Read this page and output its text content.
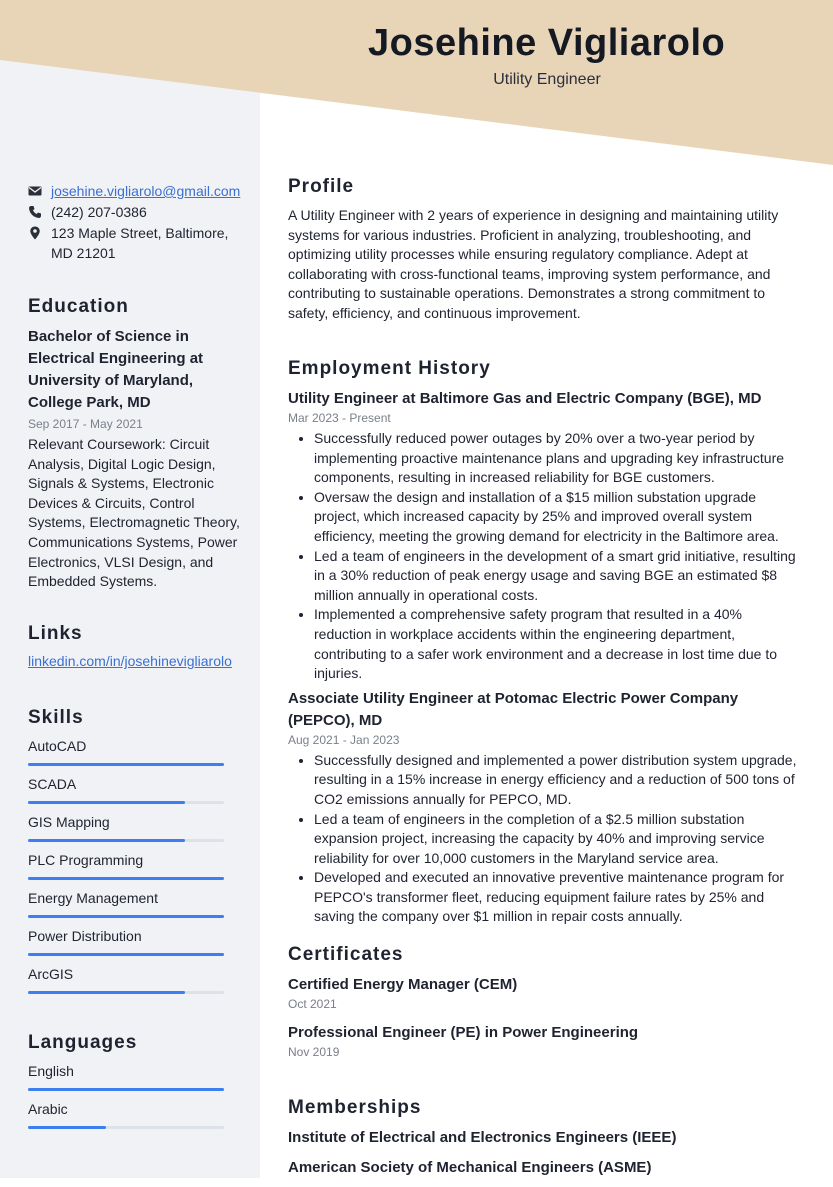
Josehine Vigliarolo
Utility Engineer
josehine.vigliarolo@gmail.com
(242) 207-0386
123 Maple Street, Baltimore, MD 21201
Education
Bachelor of Science in Electrical Engineering at University of Maryland, College Park, MD
Sep 2017 - May 2021
Relevant Coursework: Circuit Analysis, Digital Logic Design, Signals & Systems, Electronic Devices & Circuits, Control Systems, Electromagnetic Theory, Communications Systems, Power Electronics, VLSI Design, and Embedded Systems.
Links
linkedin.com/in/josehinevigliarolo
Skills
AutoCAD
SCADA
GIS Mapping
PLC Programming
Energy Management
Power Distribution
ArcGIS
Languages
English
Arabic
Profile

A Utility Engineer with 2 years of experience in designing and maintaining utility systems for various industries. Proficient in analyzing, troubleshooting, and optimizing utility processes while ensuring regulatory compliance. Adept at collaborating with cross-functional teams, improving system performance, and contributing to sustainable operations. Demonstrates a strong commitment to safety, efficiency, and continuous improvement.

Employment History
Utility Engineer at Baltimore Gas and Electric Company (BGE), MD
Mar 2023 - Present
• Successfully reduced power outages by 20% over a two-year period by implementing proactive maintenance plans and upgrading key infrastructure components, resulting in increased reliability for BGE customers.
• Oversaw the design and installation of a $15 million substation upgrade project, which increased capacity by 25% and improved overall system efficiency, meeting the growing demand for electricity in the Baltimore area.
• Led a team of engineers in the development of a smart grid initiative, resulting in a 30% reduction of peak energy usage and saving BGE an estimated $8 million annually in operational costs.
• Implemented a comprehensive safety program that resulted in a 40% reduction in workplace accidents within the engineering department, contributing to a safer work environment and a decrease in lost time due to injuries.
Associate Utility Engineer at Potomac Electric Power Company (PEPCO), MD
Aug 2021 - Jan 2023
• Successfully designed and implemented a power distribution system upgrade, resulting in a 15% increase in energy efficiency and a reduction of 500 tons of CO2 emissions annually for PEPCO, MD.
• Led a team of engineers in the completion of a $2.5 million substation expansion project, increasing the capacity by 40% and improving service reliability for over 10,000 customers in the Maryland service area.
• Developed and executed an innovative preventive maintenance program for PEPCO's transformer fleet, reducing equipment failure rates by 25% and saving the company over $1 million in repair costs annually.
Certificates
Certified Energy Manager (CEM)
Oct 2021
Professional Engineer (PE) in Power Engineering
Nov 2019
Memberships
Institute of Electrical and Electronics Engineers (IEEE)
American Society of Mechanical Engineers (ASME)
